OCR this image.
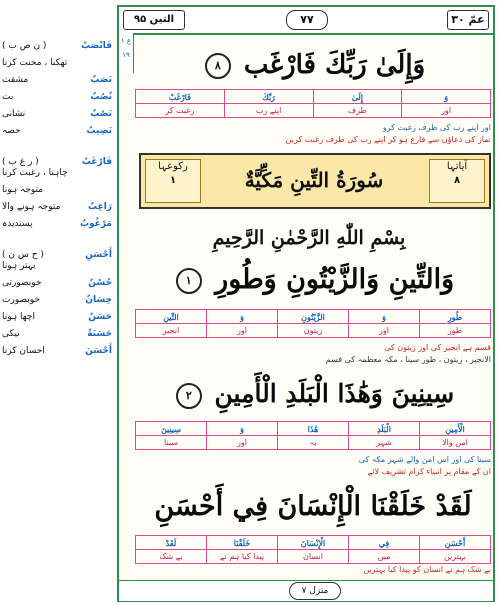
( ن ص ب )	فَانْصَبْ
تھکنا ، محنت کرنا
مشقت	نَصَبٌ
بت	نُصُبٌ
نشانی	نَصْبٌ
حصہ	نَصِيبٌ
( ر غ ب )	فَارْغَبْ
چاہنا ، رغبت کرنا
متوجہ ہونا
متوجہ ہونے والا	رَاغِبٌ
پسندیدہ	مَرْغُوبٌ
( ح س ن )	أَحْسَنِ
بہتر ہونا
خوبصورتی	حُسْنٌ
خوبصورت	حِسَانٌ
اچھا ہونا	حَسَنٌ
نیکی	حَسَنَةٌ
احسان کرنا	أَحْسَنَ
عمّ ۳۰
۷۷
التین ۹۵
ع ۱
۱۹	وَإِلَىٰ رَبِّكَ فَارْغَب ۸
فَارْغَبْ	رَبِّكَ	إِلَىٰ	وَ
رغبت کر	اپنے رب	طرف	اور
اور اپنے رب کی طرف رغبت کرو
نماز کی دعاؤں سے فارغ ہو کر اپنے رب کی طرف رغبت کریں
آیاتہا
۸
سُورَةُ التِّينِ مَكِّيَّةٌ
رکوعہا
۱
بِسْمِ اللّٰهِ الرَّحْمٰنِ الرَّحِيمِ
وَالتِّينِ وَالزَّيْتُونِ وَطُورِ ۱
التِّينِ	وَ	الزَّيْتُونِ	وَ	طُورِ
انجیر	اور	زیتون	اور	طور
قسم ہے انجیر کی اور زیتون کی
الانجیر ، زیتون ، طور سینا ، مکہ معظمہ کی قسم
سِينِينَ وَهَٰذَا الْبَلَدِ الْأَمِينِ ۲
سِينِينَ	وَ	هَٰذَا	الْبَلَدِ	الْأَمِينِ
سینا	اور	یہ	شہر	امن والا
سینا کی اور اس امن والے شہر مکہ کی
ان کے مقام پر انبیاء کرام تشریف لائے
لَقَدْ خَلَقْنَا الْإِنْسَانَ فِي أَحْسَنِ
لَقَدْ	خَلَقْنَا	الْإِنْسَانَ	فِي	أَحْسَنِ
بے شک	پیدا کیا ہم نے	انسان	میں	بہترین
بے شک ہم نے انسان کو پیدا کیا بہترین
منزل ۷
